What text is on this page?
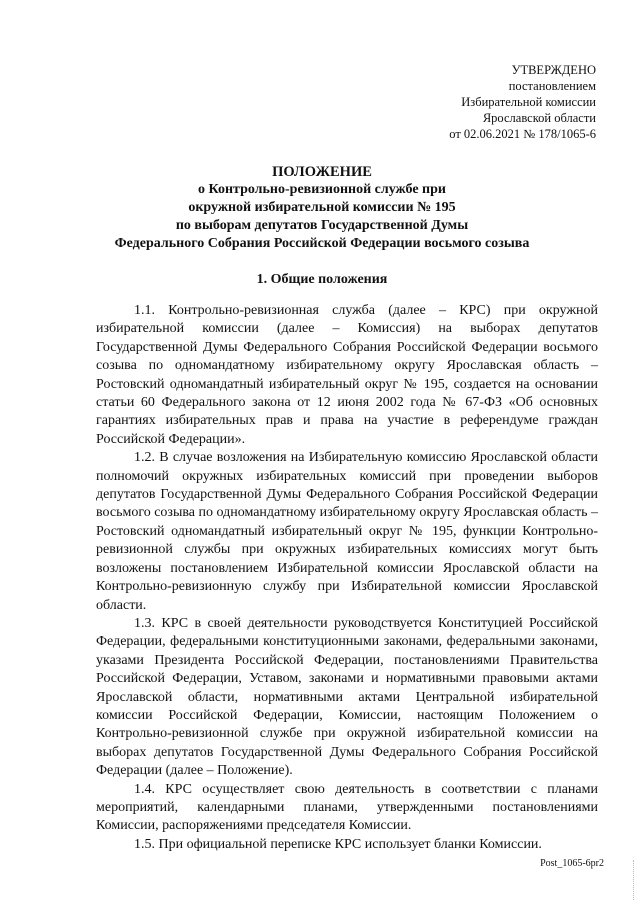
УТВЕРЖДЕНО
постановлением
Избирательной комиссии
Ярославской области
от 02.06.2021 № 178/1065-6
ПОЛОЖЕНИЕ
о Контрольно-ревизионной службе при
окружной избирательной комиссии № 195
по выборам депутатов Государственной Думы
Федерального Собрания Российской Федерации восьмого созыва
1. Общие положения

1.1. Контрольно-ревизионная служба (далее – КРС) при окружной избирательной комиссии (далее – Комиссия) на выборах депутатов Государственной Думы Федерального Собрания Российской Федерации восьмого созыва по одномандатному избирательному округу Ярославская область – Ростовский одномандатный избирательный округ № 195, создается на основании статьи 60 Федерального закона от 12 июня 2002 года № 67-ФЗ «Об основных гарантиях избирательных прав и права на участие в референдуме граждан Российской Федерации».

1.2. В случае возложения на Избирательную комиссию Ярославской области полномочий окружных избирательных комиссий при проведении выборов депутатов Государственной Думы Федерального Собрания Российской Федерации восьмого созыва по одномандатному избирательному округу Ярославская область – Ростовский одномандатный избирательный округ № 195, функции Контрольно-ревизионной службы при окружных избирательных комиссиях могут быть возложены постановлением Избирательной комиссии Ярославской области на Контрольно-ревизионную службу при Избирательной комиссии Ярославской области.

1.3. КРС в своей деятельности руководствуется Конституцией Российской Федерации, федеральными конституционными законами, федеральными законами, указами Президента Российской Федерации, постановлениями Правительства Российской Федерации, Уставом, законами и нормативными правовыми актами Ярославской области, нормативными актами Центральной избирательной комиссии Российской Федерации, Комиссии, настоящим Положением о Контрольно-ревизионной службе при окружной избирательной комиссии на выборах депутатов Государственной Думы Федерального Собрания Российской Федерации (далее – Положение).

1.4. КРС осуществляет свою деятельность в соответствии с планами мероприятий, календарными планами, утвержденными постановлениями Комиссии, распоряжениями председателя Комиссии.

1.5. При официальной переписке КРС использует бланки Комиссии.

Post_1065-6pr2
